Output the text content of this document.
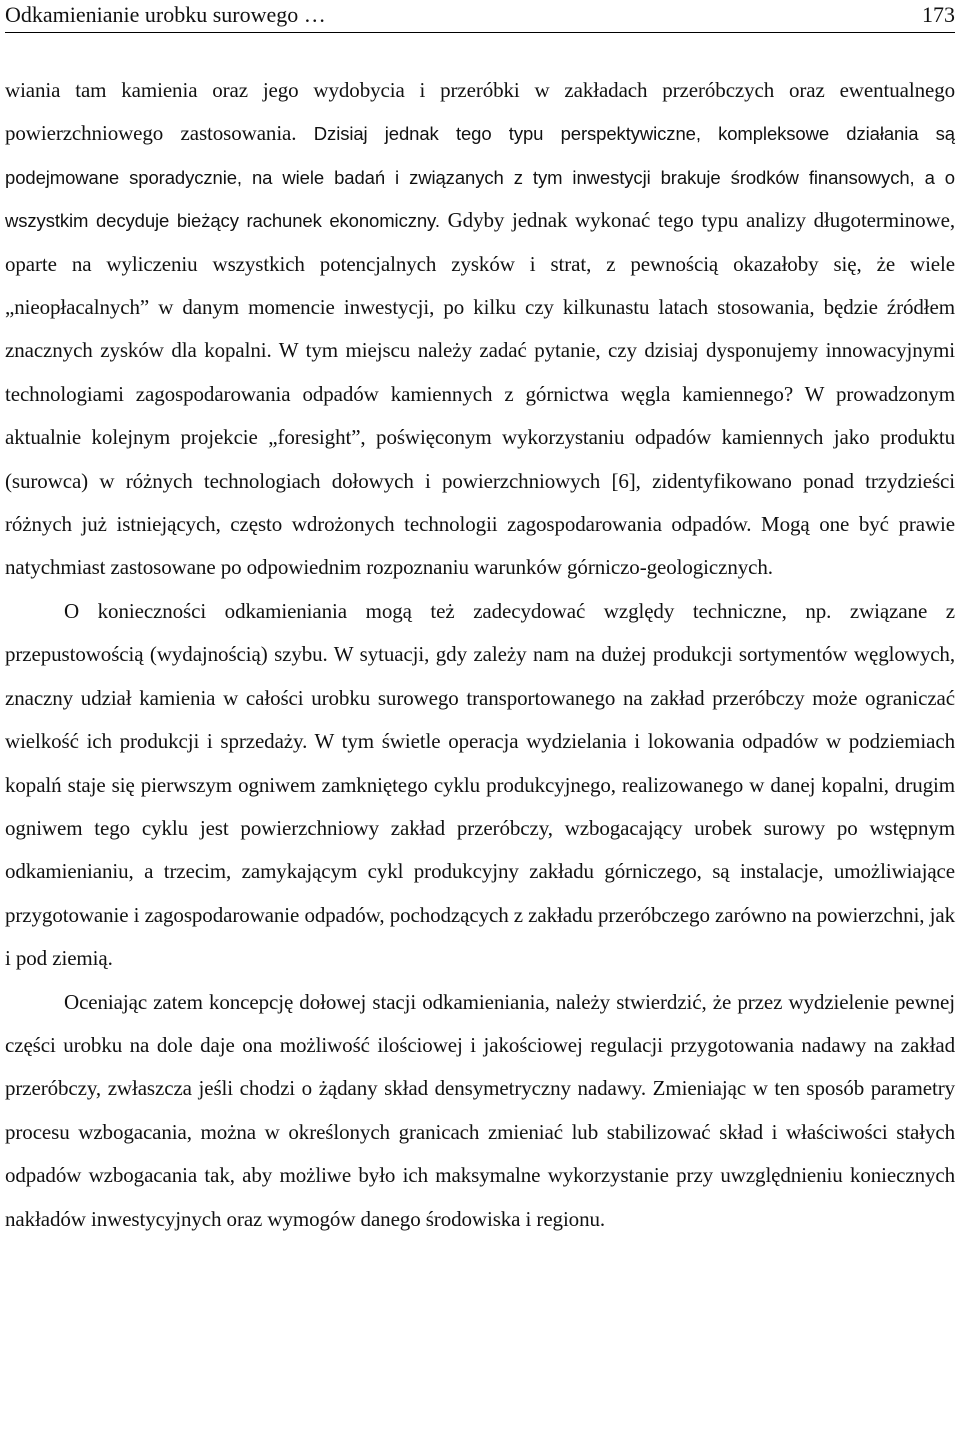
Odkamienianie urobku surowego …	173

wiania tam kamienia oraz jego wydobycia i przeróbki w zakładach przeróbczych oraz ewentualnego powierzchniowego zastosowania. Dzisiaj jednak tego typu perspektywiczne, kompleksowe działania są podejmowane sporadycznie, na wiele badań i związanych z tym inwestycji brakuje środków finansowych, a o wszystkim decyduje bieżący rachunek ekonomiczny. Gdyby jednak wykonać tego typu analizy długoterminowe, oparte na wyliczeniu wszystkich potencjalnych zysków i strat, z pewnością okazałoby się, że wiele „nieopłacalnych” w danym momencie inwestycji, po kilku czy kilkunastu latach stosowania, będzie źródłem znacznych zysków dla kopalni. W tym miejscu należy zadać pytanie, czy dzisiaj dysponujemy innowacyjnymi technologiami zagospodarowania odpadów kamiennych z górnictwa węgla kamiennego? W prowadzonym aktualnie kolejnym projekcie „foresight”, poświęconym wykorzystaniu odpadów kamiennych jako produktu (surowca) w różnych technologiach dołowych i powierzchniowych [6], zidentyfikowano ponad trzydzieści różnych już istniejących, często wdrożonych technologii zagospodarowania odpadów. Mogą one być prawie natychmiast zastosowane po odpowiednim rozpoznaniu warunków górniczo-geologicznych.

O konieczności odkamieniania mogą też zadecydować względy techniczne, np. związane z przepustowością (wydajnością) szybu. W sytuacji, gdy zależy nam na dużej produkcji sortymentów węglowych, znaczny udział kamienia w całości urobku surowego transportowanego na zakład przeróbczy może ograniczać wielkość ich produkcji i sprzedaży. W tym świetle operacja wydzielania i lokowania odpadów w podziemiach kopalń staje się pierwszym ogniwem zamkniętego cyklu produkcyjnego, realizowanego w danej kopalni, drugim ogniwem tego cyklu jest powierzchniowy zakład przeróbczy, wzbogacający urobek surowy po wstępnym odkamienianiu, a trzecim, zamykającym cykl produkcyjny zakładu górniczego, są instalacje, umożliwiające przygotowanie i zagospodarowanie odpadów, pochodzących z zakładu przeróbczego zarówno na powierzchni, jak i pod ziemią.

Oceniając zatem koncepcję dołowej stacji odkamieniania, należy stwierdzić, że przez wydzielenie pewnej części urobku na dole daje ona możliwość ilościowej i jakościowej regulacji przygotowania nadawy na zakład przeróbczy, zwłaszcza jeśli chodzi o żądany skład densymetryczny nadawy. Zmieniając w ten sposób parametry procesu wzbogacania, można w określonych granicach zmieniać lub stabilizować skład i właściwości stałych odpadów wzbogacania tak, aby możliwe było ich maksymalne wykorzystanie przy uwzględnieniu koniecznych nakładów inwestycyjnych oraz wymogów danego środowiska i regionu.
